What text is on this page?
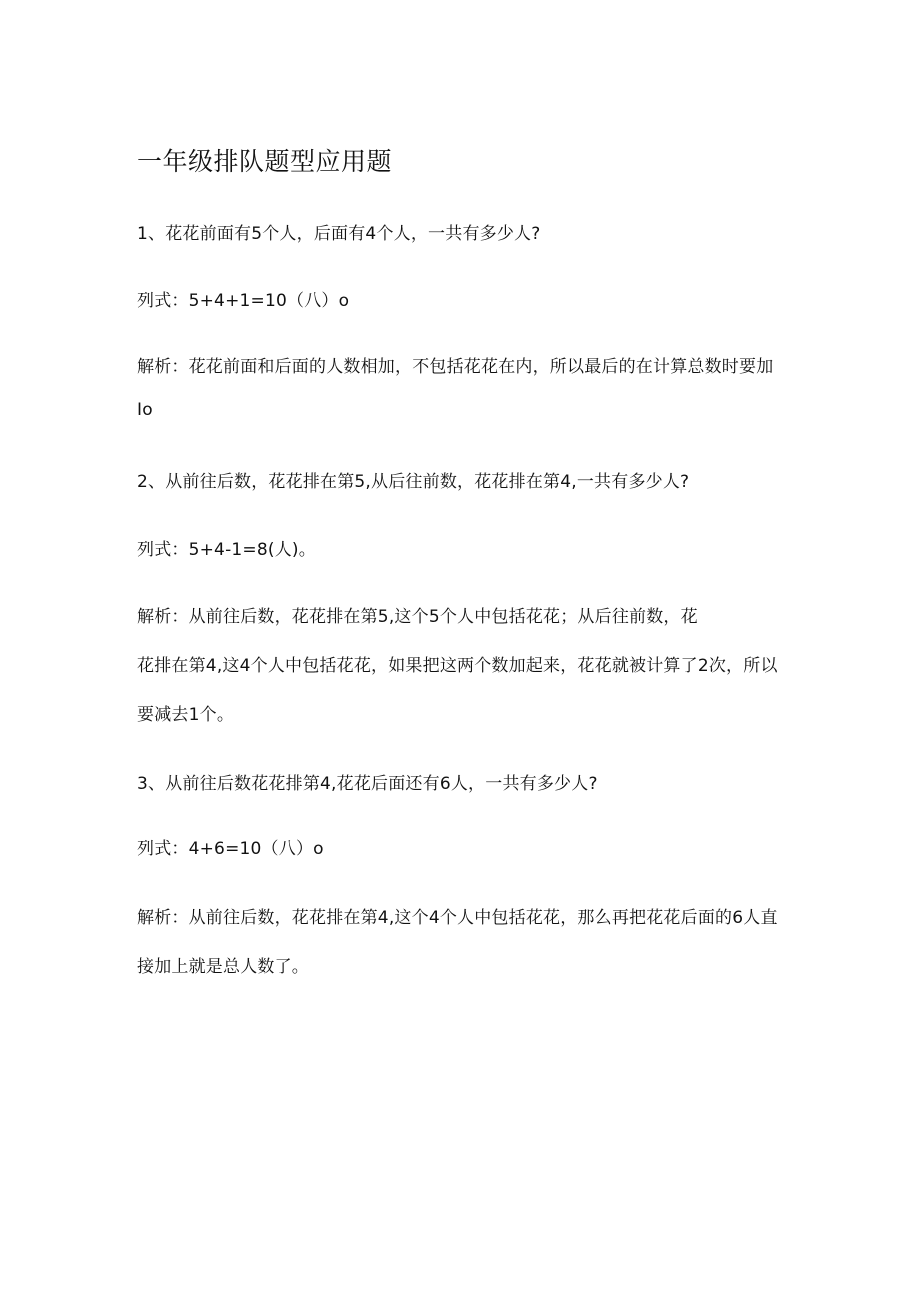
一年级排队题型应用题
1、花花前面有5个人，后面有4个人，一共有多少人?
列式：5+4+1=10（八）o
解析：花花前面和后面的人数相加，不包括花花在内，所以最后的在计算总数时要加
Io
2、从前往后数，花花排在第5,从后往前数，花花排在第4,一共有多少人?
列式：5+4-1=8(人)。
解析：从前往后数，花花排在第5,这个5个人中包括花花；从后往前数，花
花排在第4,这4个人中包括花花，如果把这两个数加起来，花花就被计算了2次，所以
要减去1个。
3、从前往后数花花排第4,花花后面还有6人，一共有多少人?
列式：4+6=10（八）o
解析：从前往后数，花花排在第4,这个4个人中包括花花，那么再把花花后面的6人直
接加上就是总人数了。
